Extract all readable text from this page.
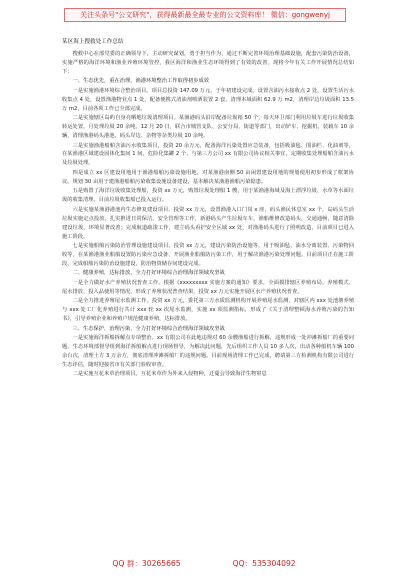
关注头条号"公文研究"，获得最新最全最专业的公文资料库！ 微信：gongwenyj
某区海上搜救处工作总结
搜救中心在部党委的正确领导下，主动研究谋划，勇于担当作为，通过不断完善环境治理基础设施，配套污染防治设备，实施严格的海洋环境和渔业养殖环境管控，我区海洋和渔业生态环境得到了有效的改善。现将今年有关工作开展情况总结如下：
一、生态优先，重在治理，渔港环境整治工作取得初步成效
一是实施渔港环境综合整治项目。项目总投资 147.09 万元，于年初建设完成。设置含油污水接收点 2 处，设置生活污水收集点 4 处，设置渔港物业点 1 处，配备便携式清油剂喷洒装置 2 套，清理本域面积 62.9 万 m2，清理岸边垃圾面积 13.5 万 m2，目前各项工作已全部完成。
二是实施辖区岛屿自身亮晒地垃圾清理项目。某渔港码头沿岸配备垃圾箱 50 个，每天环卫部门利用垃圾车进行垃圾收集转运处置。月处理垃圾 20 余吨。12 月 20 日，联合市城管支队、公安分局、街道等部门，出动铲车、挖掘机、装载车 10 余辆，清理渔港码头港池、码头岸边、杂物等杂类垃圾 10 余吨。
三是实施渔港船舶含油污水收集项目，投资 20 余万元，配备海洋污染处置应急装备，包括吸油毡、围油栏、化油剂等，在某渔港区域建设固体化集间 1 间，危险化集罐 2 个，与第三方公司 xx 有限公司协议相关事宜，定期收集处理船舶含油污水及垃圾处理。
四是成立 xx 区建设用地用于渔港船舶污染设施用地，对某渔港南侧 50 亩闲置建设用地的规划使用初步形成了框架协议。规划 30 亩用于建渔港船舶污染收集设施设备建设，基本解决某渔港渔船污染隐患。
五是购置了海洋垃圾收集处理船，投资 xx 万元，购置垃圾处理船 1 艘，用于某渔港海域及海上漂浮垃圾、水草等水面垃圾的收集清理。目前垃圾收集船已投入运行。
六是实施某渔港港池内生态修复建设项目，投资 xx 万元，设置渔港入口门岗 x 座，码头渔民休息室 xx 个，岛码头生活垃圾实施定点投放，扎实推进日常保洁，安全管理等工作，新港码头产生垃圾车车，渔船维修改造码头，交通通畅，随意清除建设垃圾，环境显著改善；完成航道疏浚工作，建立码头看护安全区域 xx 处，对渔港码头进行了照明改造，目前项目已进入施工阶段。
七是实施船舶污染防治管理设施建设项目。投资 xx 万元，建设污染防治设施等，用于吸油毡、油水分离装置、污染物回收等，在某渔港渔业船舶设置防污染应急设备、开展渔业船舶防污染工作，用于解决渔港污染处理问题。目前项目正在施工阶段，完成船舶污染防治设施建设，防治物资储存间建设完成。
二、健康养殖，达标排放，全力打好环境综合治理海洋领域攻坚战
一是全力做好水产养殖状况普查工作。根据《xxxxxxxxx 实施方案的通知》要求，全面摸排辖区养殖布局、养殖模式、尾水排放、投入品使用等情况，形成了养殖状况普查结果，投资 xx 万元实施开展区水产养殖状况普查。
二是全力推进养殖尾水监测工作。投资 xx 万元，委托第三方水质监测机构开展养殖尾水监测，对辖区内 xxx 处池塘养殖与 xxx 处工厂化养殖进行共计 xxx 轮 xx 次尾水监测，实施 xx 项监测指标，形成了《关于清理整顿海水养殖污染的告知书》，引导养殖企业和养殖户规范健康养殖，达标排放。
三、生态保护，治理污染，全力打好环境综合治理海洋领域攻坚战
一是实施海洋拆船拆解点专项整治。xx 有限公司在此地违规对 60 余艘渔船进行拆解，违规形成一处冲滩拆船厂的重要问题，生态环境部督导组到海洋拆船解点进行现场督导，为解决此问题，先后组织工作人员 10 多人次，出动各种船机车辆 100 余台次，清理土方 3 万余方，彻底清理冲滩拆船厂的违规问题。目前现场清理工作已完成，聘请第三方检测机构有限公司进行生态评估，随时迎接省市有关部门验收审查。
二是实施互花米草治理项目。互花米草作为外来入侵物种，迁蔓会导致海洋生物窒息
QQ 群：30265665	QQ：535304092
